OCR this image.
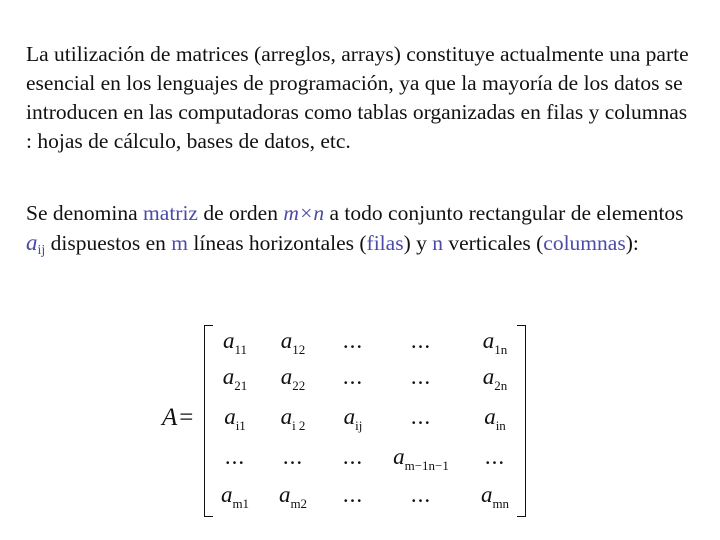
La utilización de matrices (arreglos, arrays) constituye actualmente una parte esencial en los lenguajes de programación, ya que la mayoría de los datos se introducen en las computadoras como tablas organizadas en filas y columnas : hojas de cálculo, bases de datos, etc.

Se denomina matriz de orden m×n a todo conjunto rectangular de elementos $a_{ij}$ dispuestos en m líneas horizontales (filas) y n verticales (columnas):

A=
$a_{11}$	$a_{12}$	...	...	$a_{1n}$
$a_{21}$	$a_{22}$	...	...	$a_{2n}$
$a_{i1}$	$a_{i 2}$	$a_{ij}$	...	$a_{in}$
...	...	...	$a_{m-1n-1}$	...
$a_{m1}$	$a_{m2}$	...	...	$a_{mn}$
